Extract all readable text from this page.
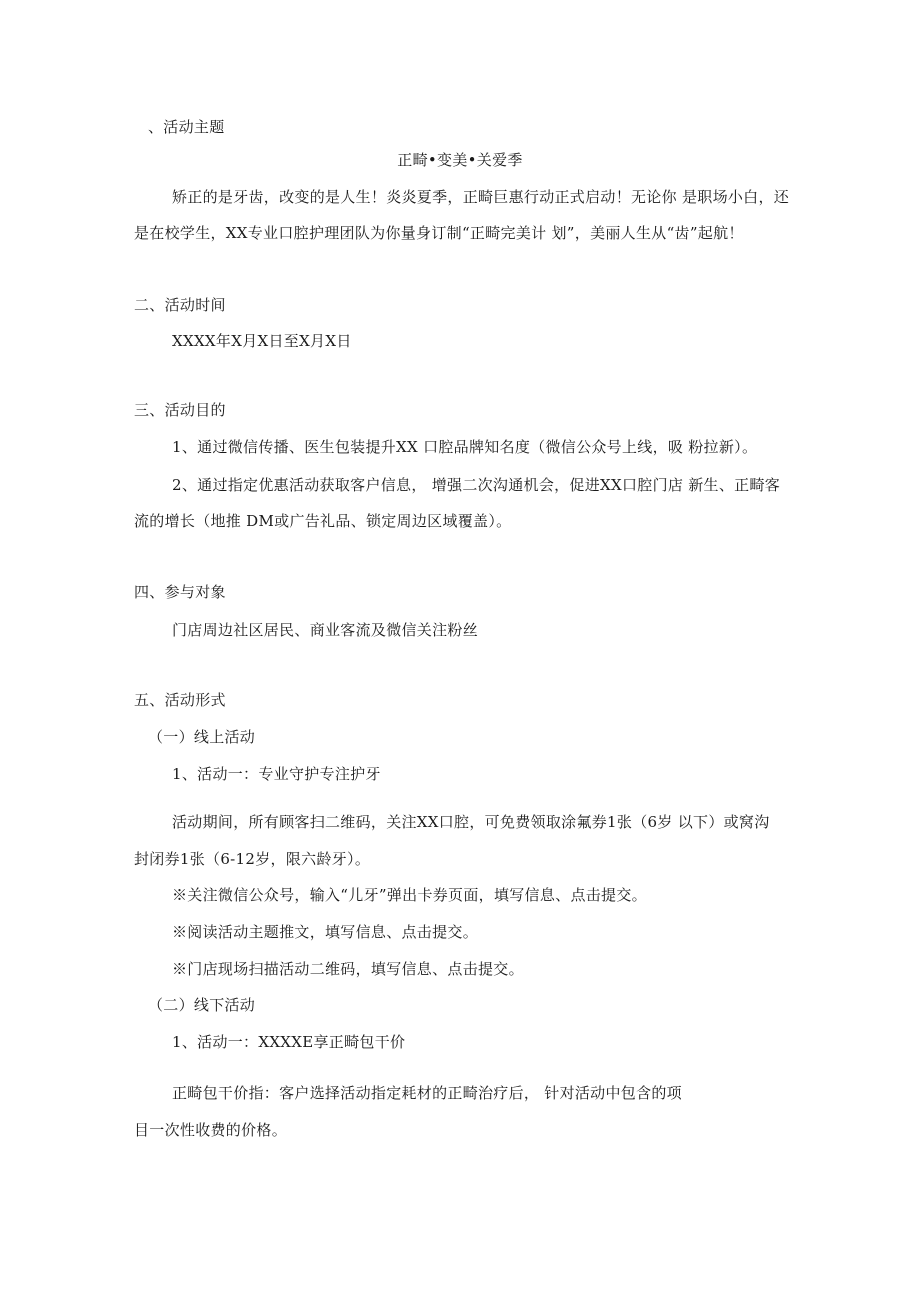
、活动主题
正畸•变美•关爱季
矫正的是牙齿，改变的是人生！炎炎夏季，正畸巨惠行动正式启动！无论你 是职场小白，还
是在校学生，XX专业口腔护理团队为你量身订制“正畸完美计 划”，美丽人生从“齿”起航！
二、活动时间
XXXX年X月X日至X月X日
三、活动目的
1、通过微信传播、医生包装提升XX 口腔品牌知名度（微信公众号上线，吸 粉拉新）。
2、通过指定优惠活动获取客户信息， 增强二次沟通机会，促进XX口腔门店 新生、正畸客
流的增长（地推 DM或广告礼品、锁定周边区域覆盖）。
四、参与对象
门店周边社区居民、商业客流及微信关注粉丝
五、活动形式
（一）线上活动
1、活动一：专业守护专注护牙
活动期间，所有顾客扫二维码，关注XX口腔，可免费领取涂氟券1张（6岁 以下）或窝沟
封闭券1张（6-12岁，限六龄牙）。
※关注微信公众号，输入“儿牙”弹出卡券页面，填写信息、点击提交。
※阅读活动主题推文，填写信息、点击提交。
※门店现场扫描活动二维码，填写信息、点击提交。
（二）线下活动
1、活动一：XXXXE享正畸包干价
正畸包干价指：客户选择活动指定耗材的正畸治疗后， 针对活动中包含的项
目一次性收费的价格。
